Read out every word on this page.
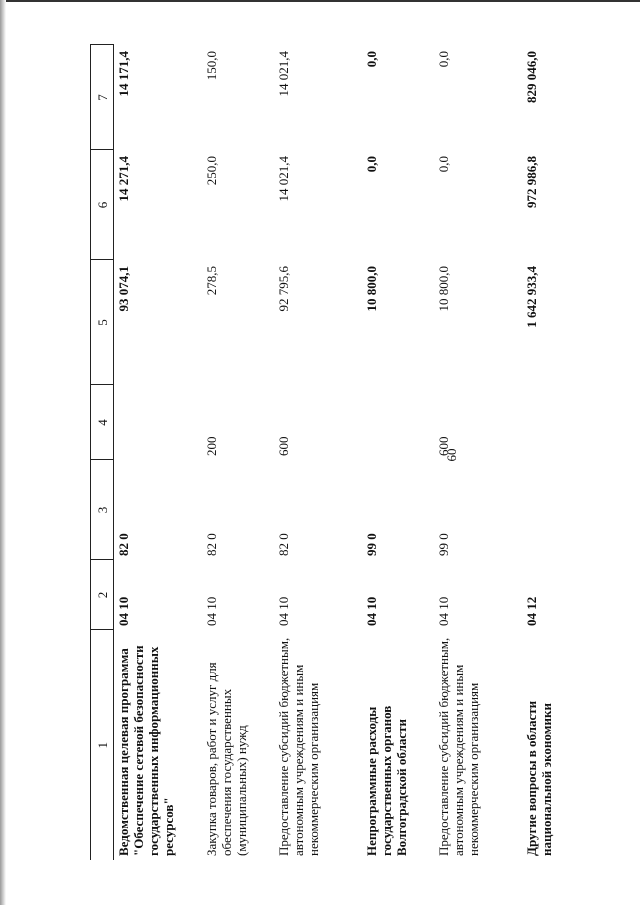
60
1	2	3	4	5	6	7
Ведомственная целевая программа "Обеспечение сетевой безопасности государственных информационных ресурсов"	04 10	82 0		93 074,1	14 271,4	14 171,4
Закупка товаров, работ и услуг для обеспечения государственных (муниципальных) нужд	04 10	82 0	200	278,5	250,0	150,0
Предоставление субсидий бюджетным, автономным учреждениям и иным некоммерческим организациям	04 10	82 0	600	92 795,6	14 021,4	14 021,4
Непрограммные расходы государственных органов Волгоградской области	04 10	99 0		10 800,0	0,0	0,0
Предоставление субсидий бюджетным, автономным учреждениям и иным некоммерческим организациям	04 10	99 0	600	10 800,0	0,0	0,0
Другие вопросы в области национальной экономики	04 12			1 642 933,4	972 986,8	829 046,0
